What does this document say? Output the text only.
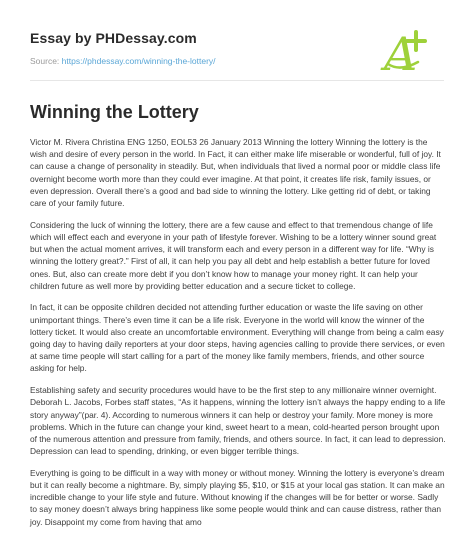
Essay by PHDessay.com
Source: https://phdessay.com/winning-the-lottery/	A
Winning the Lottery

Victor M. Rivera Christina ENG 1250, EOL53 26 January 2013 Winning the lottery Winning the lottery is the wish and desire of every person in the world. In Fact, it can either make life miserable or wonderful, full of joy. It can cause a change of personality in steadily. But, when individuals that lived a normal poor or middle class life overnight become worth more than they could ever imagine. At that point, it creates life risk, family issues, or even depression. Overall there’s a good and bad side to winning the lottery. Like getting rid of debt, or taking care of your family future.

Considering the luck of winning the lottery, there are a few cause and effect to that tremendous change of life which will effect each and everyone in your path of lifestyle forever. Wishing to be a lottery winner sound great but when the actual moment arrives, it will transform each and every person in a different way for life. “Why is winning the lottery great?.” First of all, it can help you pay all debt and help establish a better future for loved ones. But, also can create more debt if you don’t know how to manage your money right. It can help your children future as well more by providing better education and a secure ticket to college.

In fact, it can be opposite children decided not attending further education or waste the life saving on other unimportant things. There’s even time it can be a life risk. Everyone in the world will know the winner of the lottery ticket. It would also create an uncomfortable environment. Everything will change from being a calm easy going day to having daily reporters at your door steps, having agencies calling to provide there services, or even at same time people will start calling for a part of the money like family members, friends, and other source asking for help.

Establishing safety and security procedures would have to be the first step to any millionaire winner overnight. Deborah L. Jacobs, Forbes staff states, “As it happens, winning the lottery isn’t always the happy ending to a life story anyway”(par. 4). According to numerous winners it can help or destroy your family. More money is more problems. Which in the future can change your kind, sweet heart to a mean, cold-hearted person brought upon of the numerous attention and pressure from family, friends, and others source. In fact, it can lead to depression. Depression can lead to spending, drinking, or even bigger terrible things.

Everything is going to be difficult in a way with money or without money. Winning the lottery is everyone’s dream but it can really become a nightmare. By, simply playing $5, $10, or $15 at your local gas station. It can make an incredible change to your life style and future. Without knowing if the changes will be for better or worse. Sadly to say money doesn’t always bring happiness like some people would think and can cause distress, rather than joy. Disappoint my come from having that amo
